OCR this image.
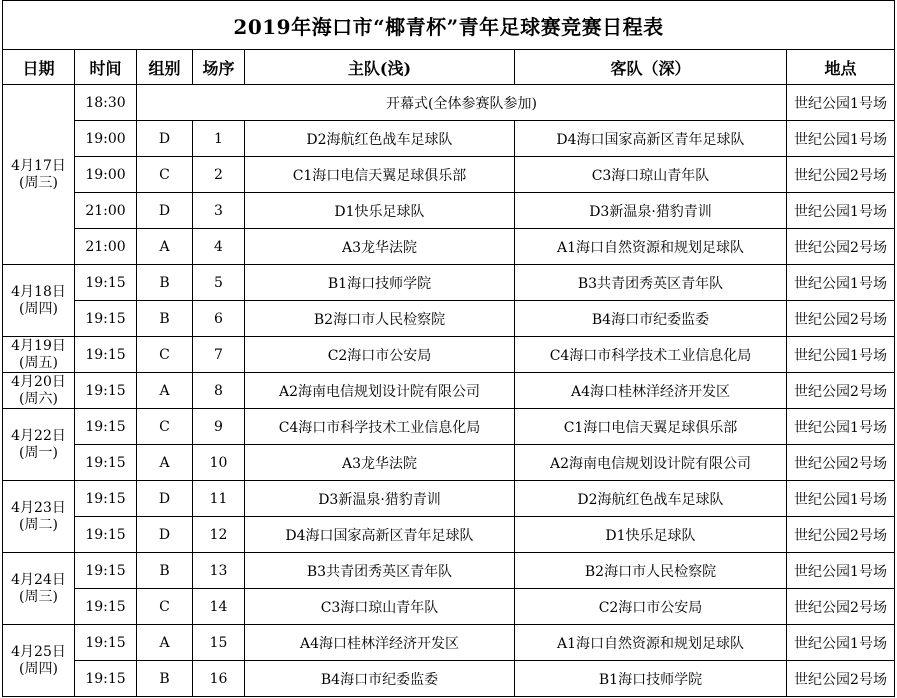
2019年海口市“椰青杯”青年足球赛竞赛日程表						
日期	时间	组别	场序	主队(浅)	客队（深）	地点

4月17日
(周三)	18:30	开幕式(全体参赛队参加)				世纪公园1号场
	19:00	D	1	D2海航红色战车足球队	D4海口国家高新区青年足球队	世纪公园1号场
	19:00	C	2	C1海口电信天翼足球俱乐部	C3海口琼山青年队	世纪公园2号场
	21:00	D	3	D1快乐足球队	D3新温泉·猎豹青训	世纪公园1号场
	21:00	A	4	A3龙华法院	A1海口自然资源和规划足球队	世纪公园2号场

4月18日
(周四)	19:15	B	5	B1海口技师学院	B3共青团秀英区青年队	世纪公园1号场
	19:15	B	6	B2海口市人民检察院	B4海口市纪委监委	世纪公园2号场

4月19日
(周五)	19:15	C	7	C2海口市公安局	C4海口市科学技术工业信息化局	世纪公园1号场

4月20日
(周六)	19:15	A	8	A2海南电信规划设计院有限公司	A4海口桂林洋经济开发区	世纪公园2号场

4月22日
(周一)	19:15	C	9	C4海口市科学技术工业信息化局	C1海口电信天翼足球俱乐部	世纪公园1号场
	19:15	A	10	A3龙华法院	A2海南电信规划设计院有限公司	世纪公园2号场

4月23日
(周二)	19:15	D	11	D3新温泉·猎豹青训	D2海航红色战车足球队	世纪公园1号场
	19:15	D	12	D4海口国家高新区青年足球队	D1快乐足球队	世纪公园2号场

4月24日
(周三)	19:15	B	13	B3共青团秀英区青年队	B2海口市人民检察院	世纪公园1号场
	19:15	C	14	C3海口琼山青年队	C2海口市公安局	世纪公园2号场

4月25日
(周四)	19:15	A	15	A4海口桂林洋经济开发区	A1海口自然资源和规划足球队	世纪公园1号场
	19:15	B	16	B4海口市纪委监委	B1海口技师学院	世纪公园2号场
